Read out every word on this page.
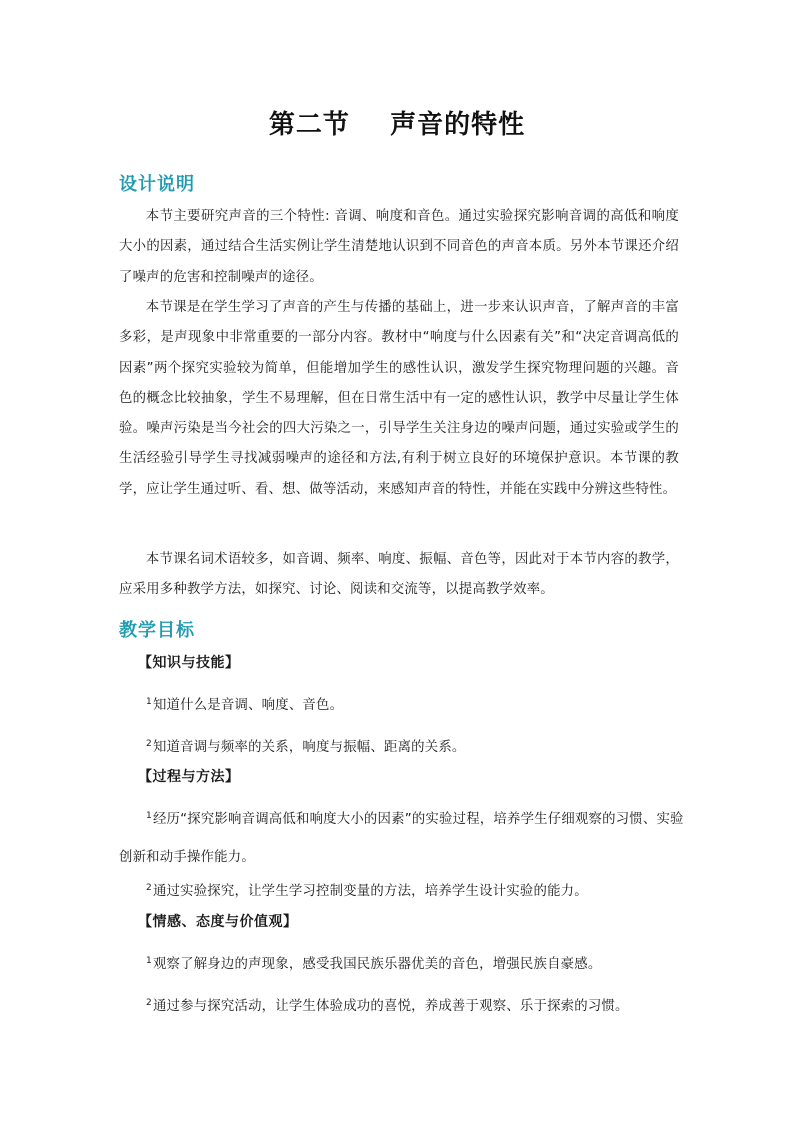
第二节    声音的特性
设计说明
本节主要研究声音的三个特性: 音调、响度和音色。通过实验探究影响音调的高低和响度大小的因素，通过结合生活实例让学生清楚地认识到不同音色的声音本质。另外本节课还介绍了噪声的危害和控制噪声的途径。
本节课是在学生学习了声音的产生与传播的基础上，进一步来认识声音，了解声音的丰富多彩，是声现象中非常重要的一部分内容。教材中“响度与什么因素有关”和“决定音调高低的因素”两个探究实验较为简单，但能增加学生的感性认识，激发学生探究物理问题的兴趣。音色的概念比较抽象，学生不易理解，但在日常生活中有一定的感性认识，教学中尽量让学生体验。噪声污染是当今社会的四大污染之一，引导学生关注身边的噪声问题，通过实验或学生的生活经验引导学生寻找减弱噪声的途径和方法,有利于树立良好的环境保护意识。本节课的教学，应让学生通过听、看、想、做等活动，来感知声音的特性，并能在实践中分辨这些特性。
本节课名词术语较多，如音调、频率、响度、振幅、音色等，因此对于本节内容的教学，应采用多种教学方法，如探究、讨论、阅读和交流等，以提高教学效率。
教学目标
【知识与技能】
$^1$知道什么是音调、响度、音色。
$^2$知道音调与频率的关系，响度与振幅、距离的关系。
【过程与方法】
$^1$经历“探究影响音调高低和响度大小的因素”的实验过程，培养学生仔细观察的习惯、实验创新和动手操作能力。
$^2$通过实验探究，让学生学习控制变量的方法，培养学生设计实验的能力。
【情感、态度与价值观】
$^1$观察了解身边的声现象，感受我国民族乐器优美的音色，增强民族自豪感。
$^2$通过参与探究活动，让学生体验成功的喜悦，养成善于观察、乐于探索的习惯。
